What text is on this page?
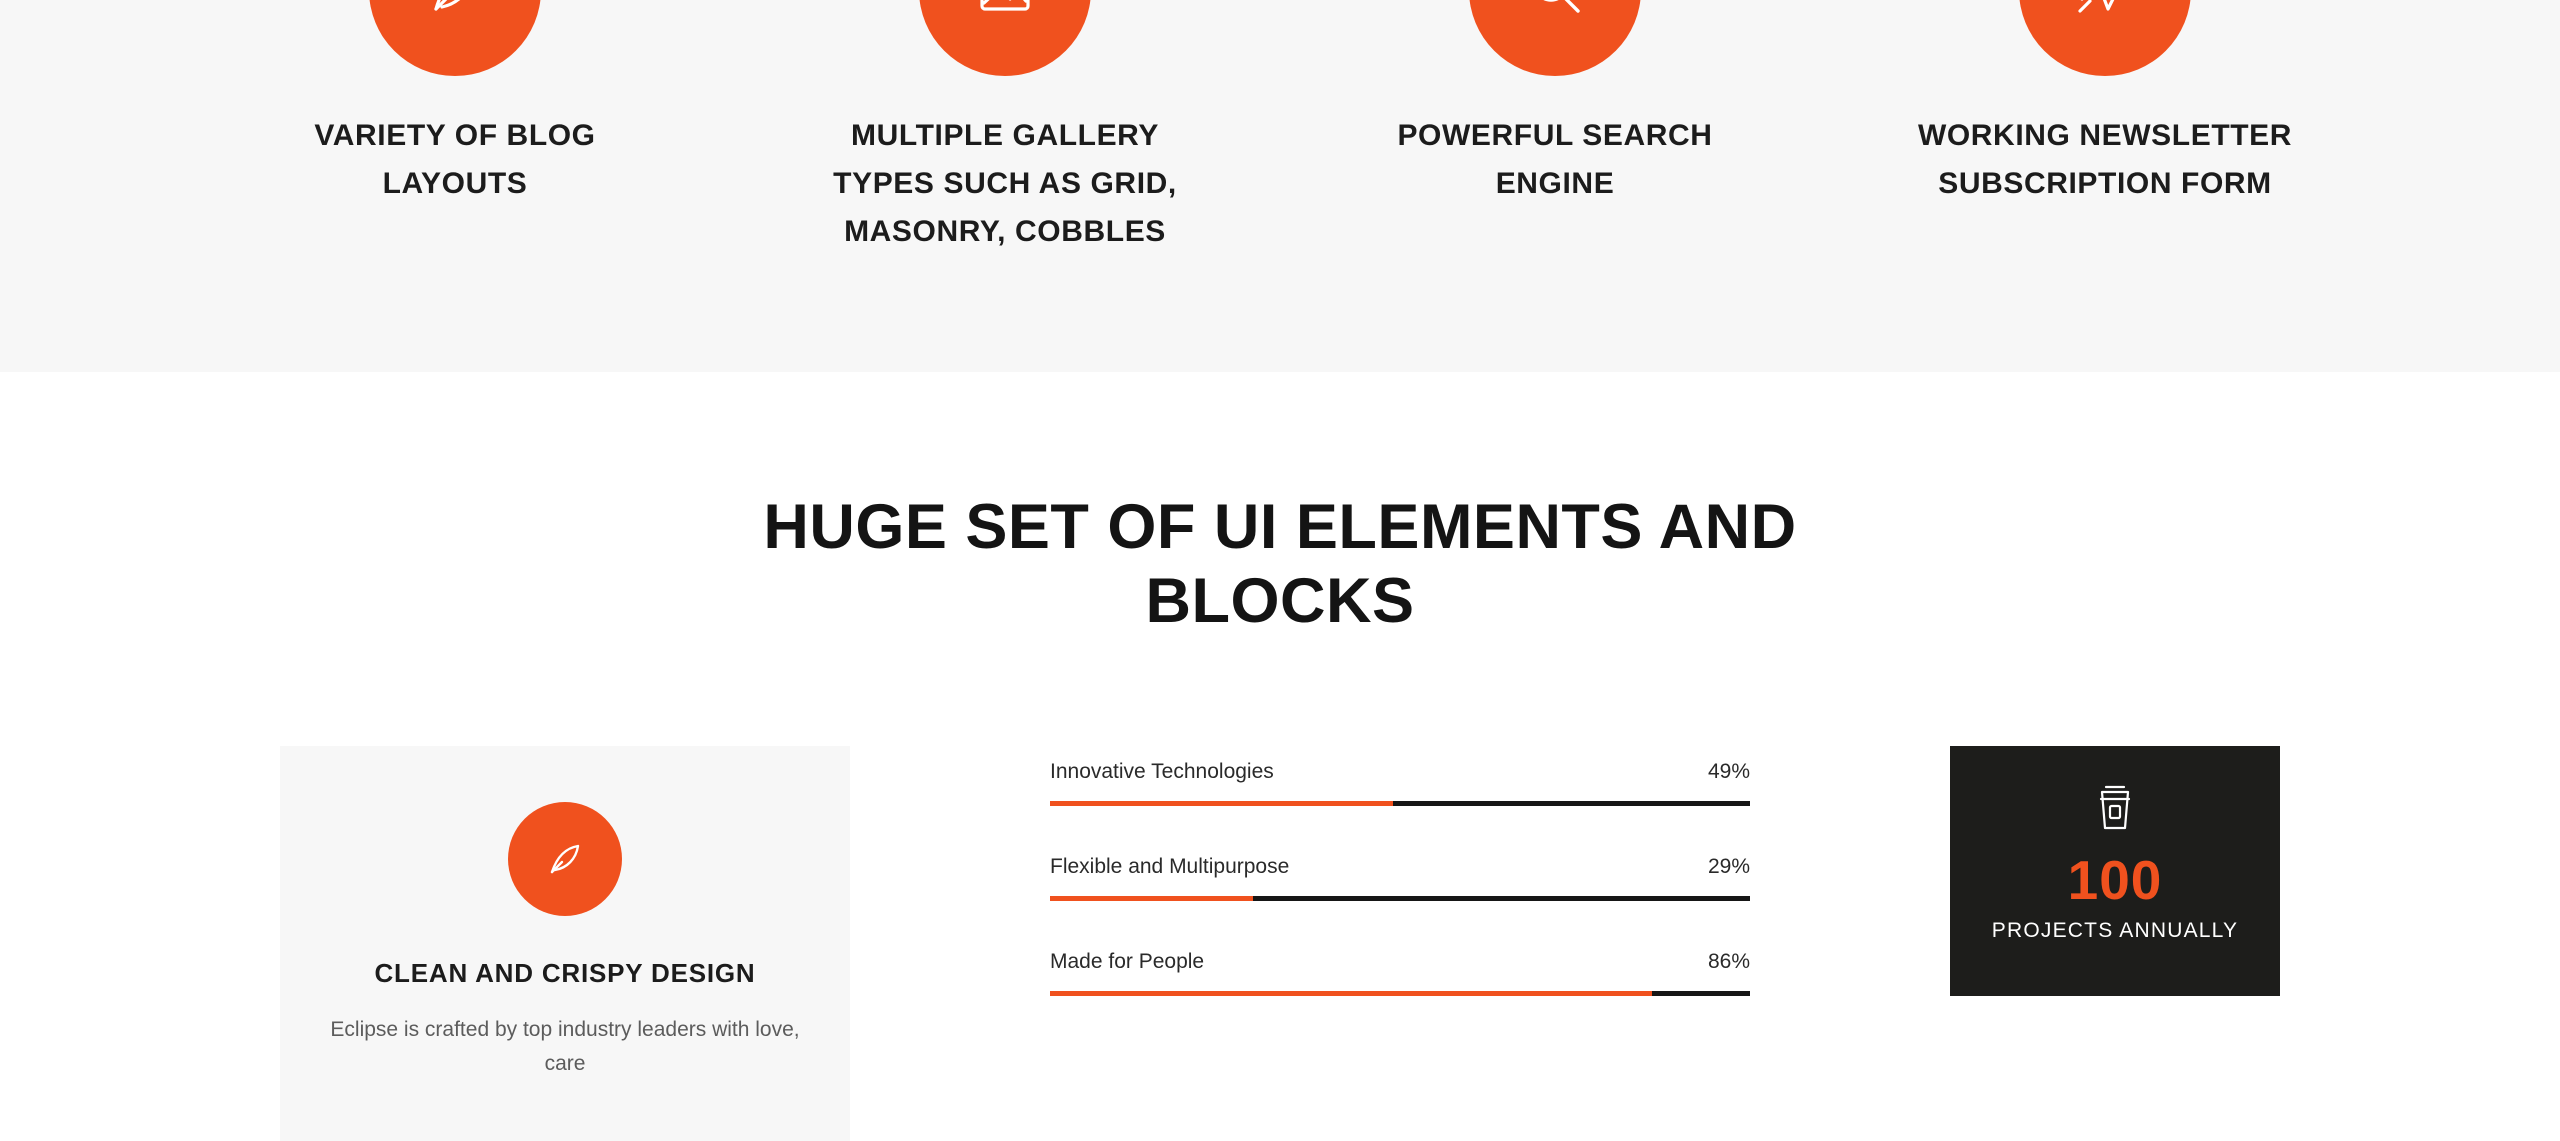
VARIETY OF BLOG LAYOUTS
MULTIPLE GALLERY TYPES SUCH AS GRID, MASONRY, COBBLES
POWERFUL SEARCH ENGINE
WORKING NEWSLETTER SUBSCRIPTION FORM
HUGE SET OF UI ELEMENTS AND BLOCKS
CLEAN AND CRISPY DESIGN
Eclipse is crafted by top industry leaders with love, care
Innovative Technologies	49%
Flexible and Multipurpose	29%
Made for People	86%
100
PROJECTS ANNUALLY
